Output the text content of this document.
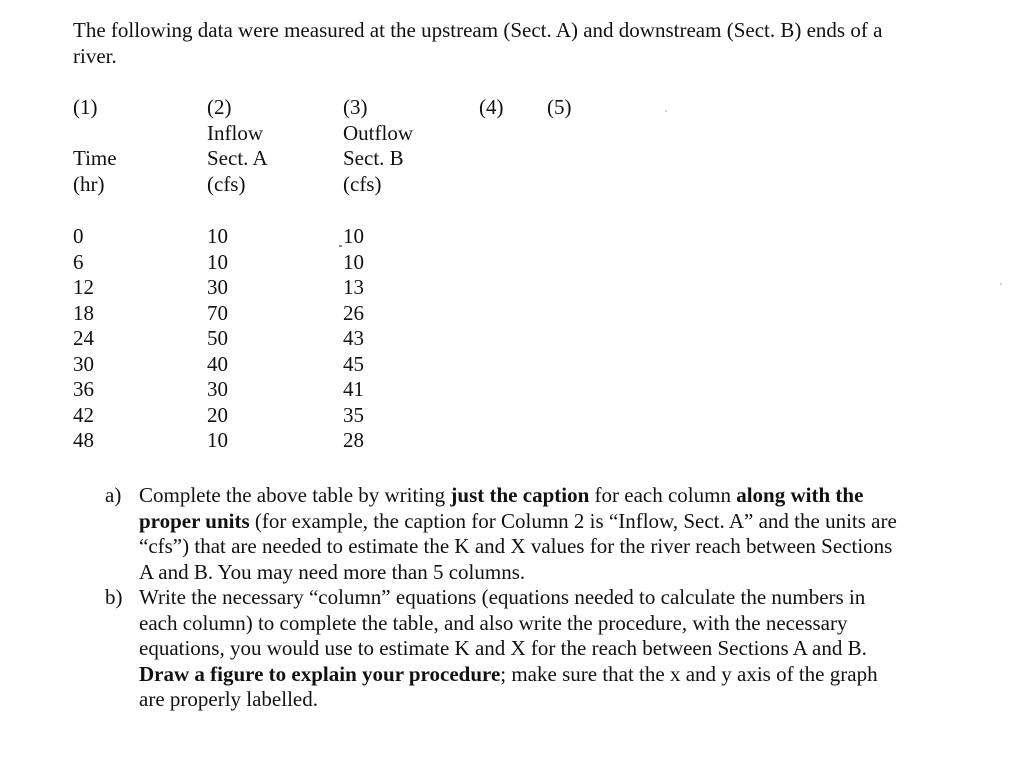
The following data were measured at the upstream (Sect. A) and downstream (Sect. B) ends of a river.
(1)
Time
(hr)
(2)
Inflow
Sect. A
(cfs)
(3)
Outflow
Sect. B
(cfs)
(4) (5)
0
6
12
18
24
30
36
42
48
10
10
30
70
50
40
30
20
10
10
10
13
26
43
45
41
35
28
a) Complete the above table by writing just the caption for each column along with the proper units (for example, the caption for Column 2 is “Inflow, Sect. A” and the units are “cfs”) that are needed to estimate the K and X values for the river reach between Sections A and B. You may need more than 5 columns.
b) Write the necessary “column” equations (equations needed to calculate the numbers in each column) to complete the table, and also write the procedure, with the necessary equations, you would use to estimate K and X for the reach between Sections A and B. Draw a figure to explain your procedure; make sure that the x and y axis of the graph are properly labelled.
